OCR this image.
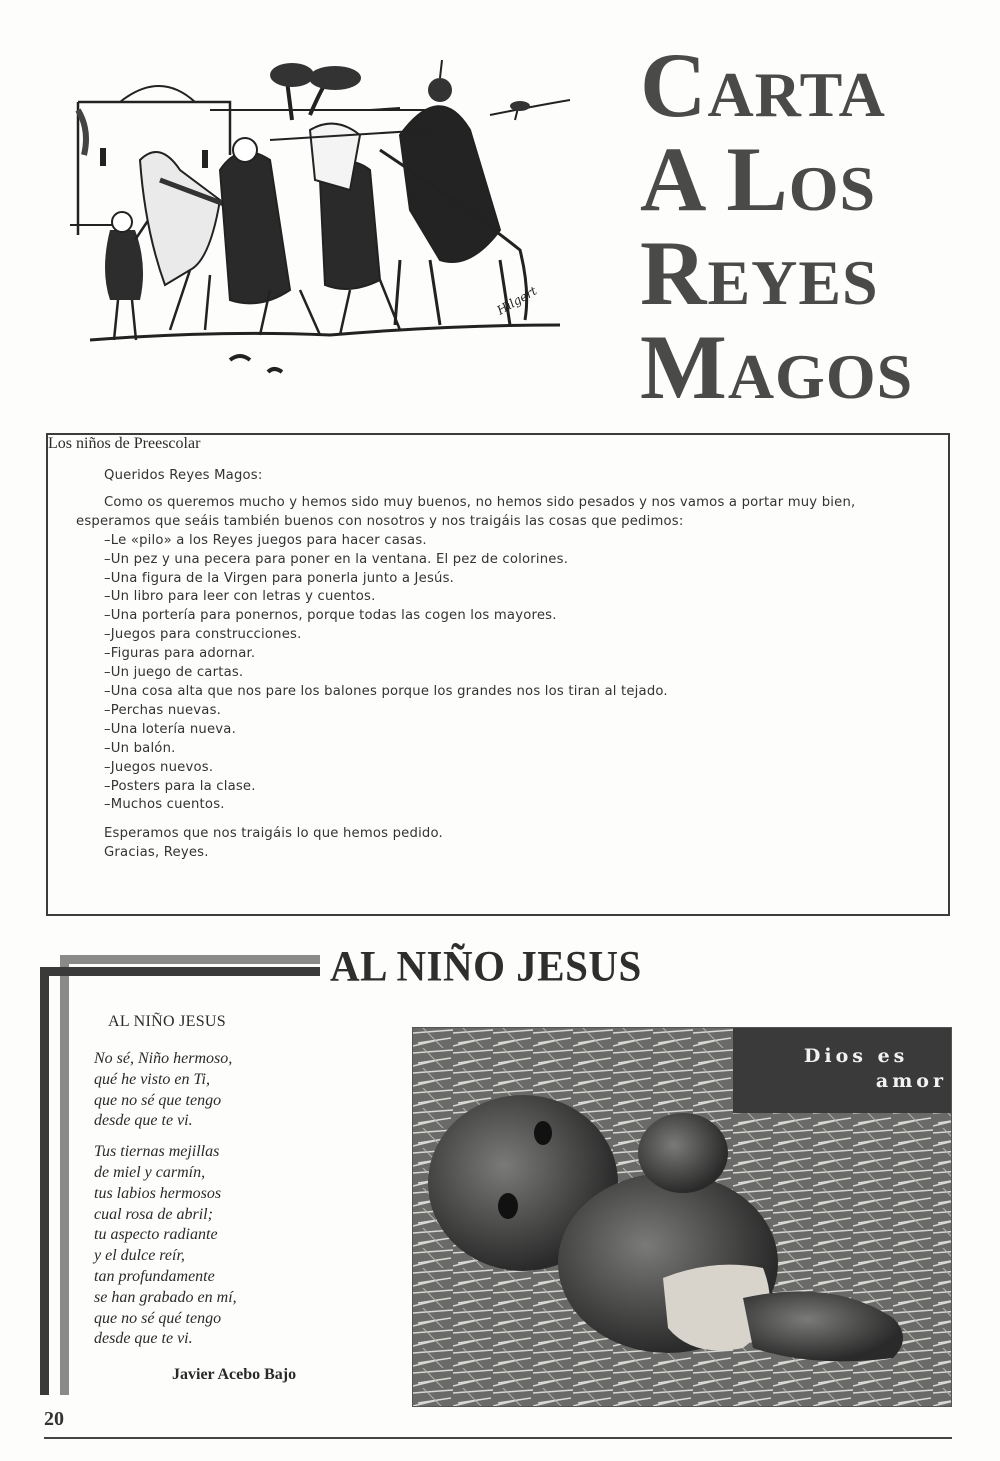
Hilgert
Carta
A Los
Reyes
Magos

Queridos Reyes Magos:

Como os queremos mucho y hemos sido muy buenos, no hemos sido pesados y nos vamos a portar muy bien, esperamos que seáis también buenos con nosotros y nos traigáis las cosas que pedimos:

–Le «pilo» a los Reyes juegos para hacer casas.
–Un pez y una pecera para poner en la ventana. El pez de colorines.
–Una figura de la Virgen para ponerla junto a Jesús.
–Un libro para leer con letras y cuentos.
–Una portería para ponernos, porque todas las cogen los mayores.
–Juegos para construcciones.
–Figuras para adornar.
–Un juego de cartas.
–Una cosa alta que nos pare los balones porque los grandes nos los tiran al tejado.
–Perchas nuevas.
–Una lotería nueva.
–Un balón.
–Juegos nuevos.
–Posters para la clase.
–Muchos cuentos.

Esperamos que nos traigáis lo que hemos pedido.
Gracias, Reyes.

Los niños de Preescolar
AL NIÑO JESUS
AL NIÑO JESUS
No sé, Niño hermoso,
qué he visto en Ti,
que no sé que tengo
desde que te vi.
Tus tiernas mejillas
de miel y carmín,
tus labios hermosos
cual rosa de abril;
tu aspecto radiante
y el dulce reír,
tan profundamente
se han grabado en mí,
que no sé qué tengo
desde que te vi.
Javier Acebo Bajo
Dios es
amor
20
